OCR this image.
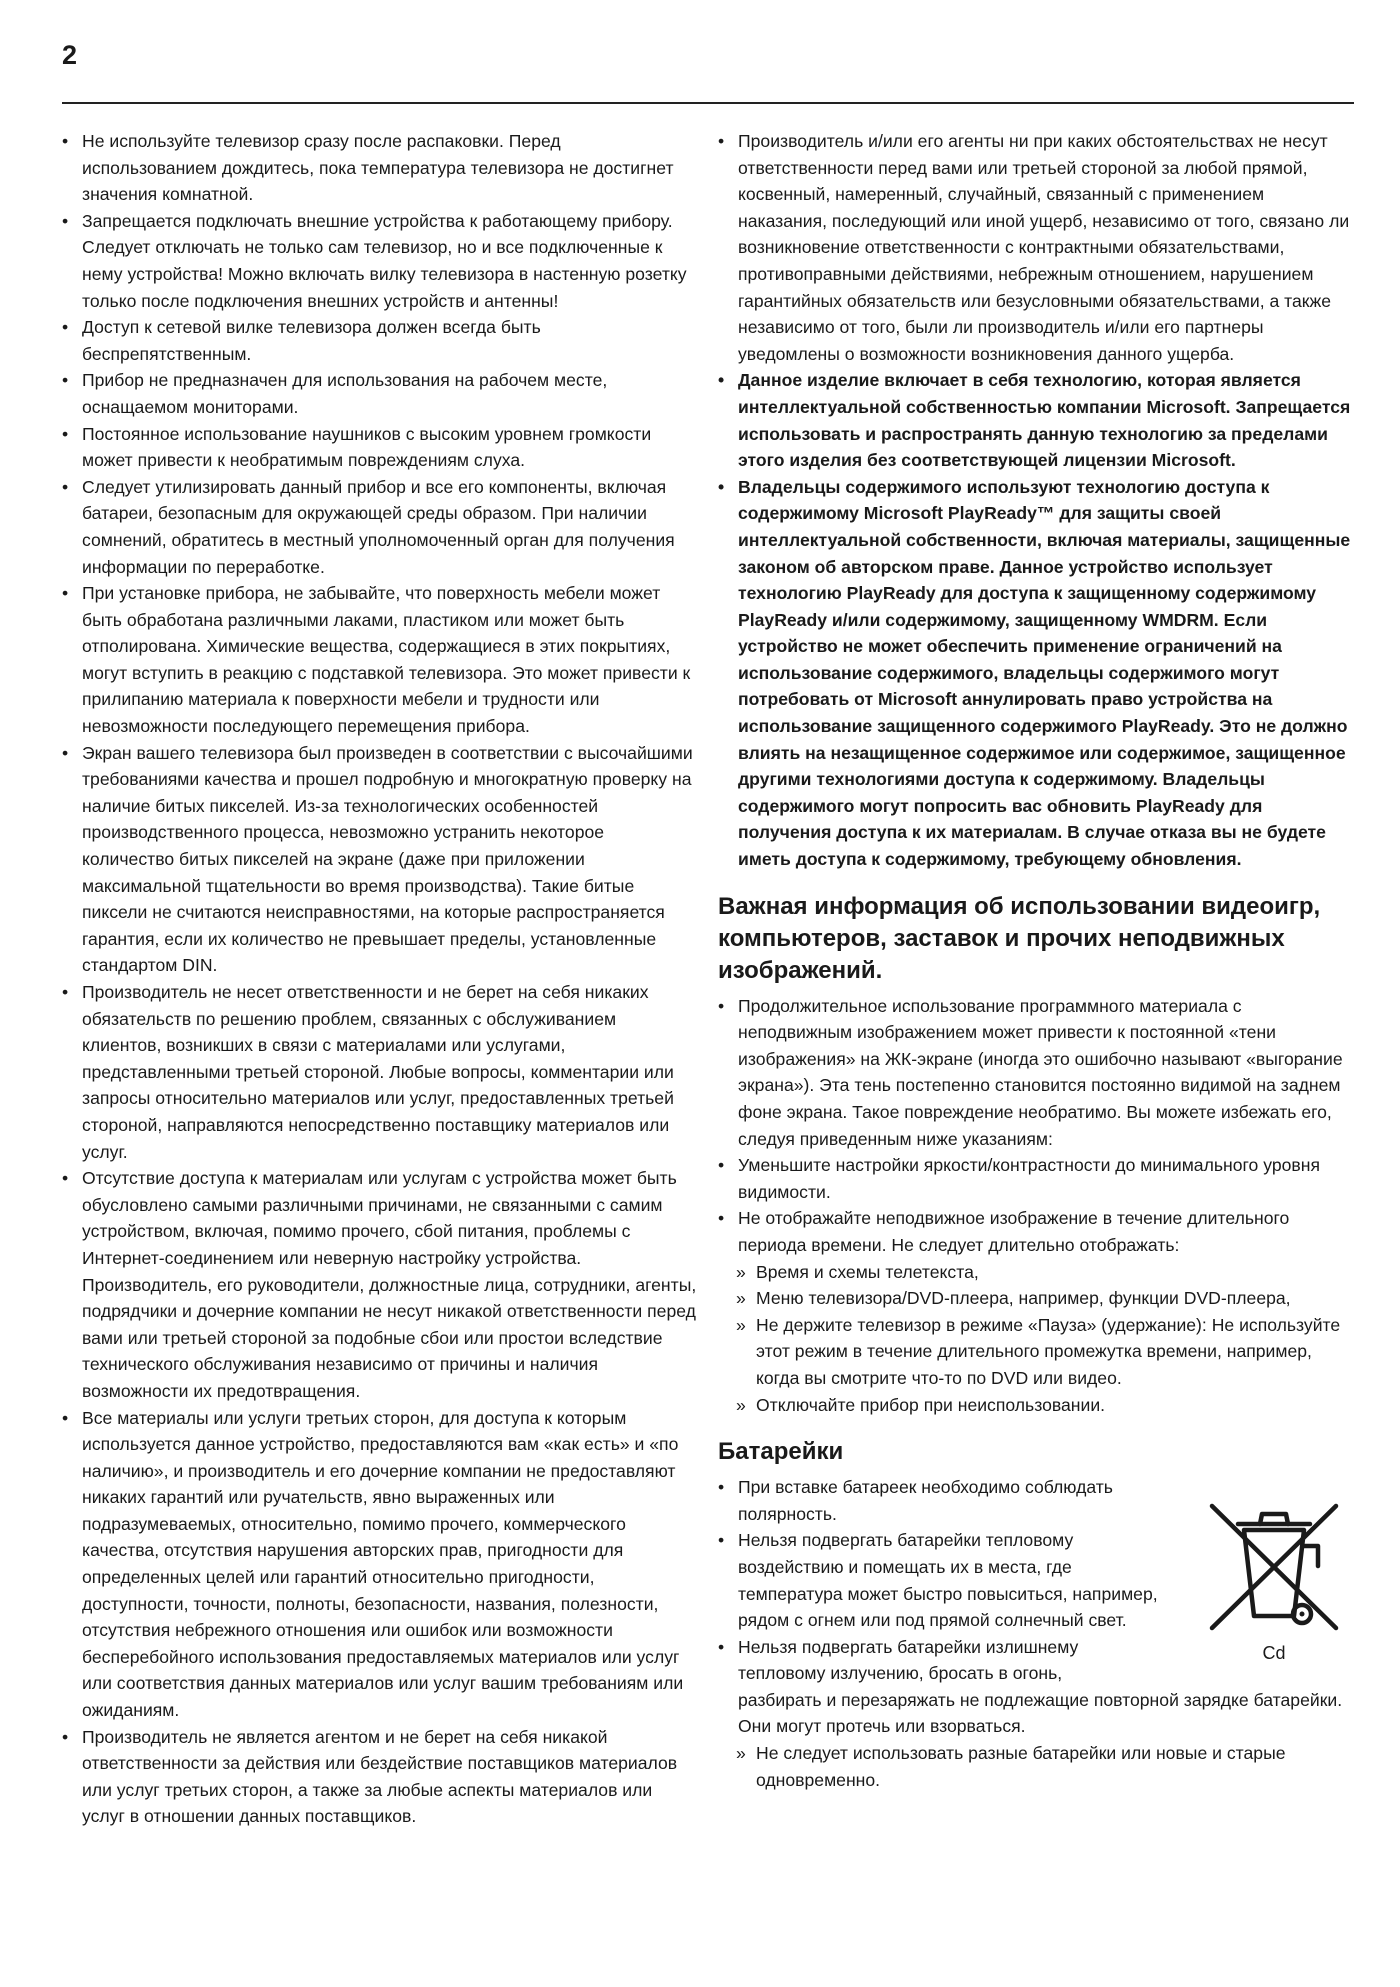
2
• Не используйте телевизор сразу после распаковки. Перед использованием дождитесь, пока температура телевизора не достигнет значения комнатной.
• Запрещается подключать внешние устройства к работающему прибору. Следует отключать не только сам телевизор, но и все подключенные к нему устройства! Можно включать вилку телевизора в настенную розетку только после подключения внешних устройств и антенны!
• Доступ к сетевой вилке телевизора должен всегда быть беспрепятственным.
• Прибор не предназначен для использования на рабочем месте, оснащаемом мониторами.
• Постоянное использование наушников с высоким уровнем громкости может привести к необратимым повреждениям слуха.
• Следует утилизировать данный прибор и все его компоненты, включая батареи, безопасным для окружающей среды образом. При наличии сомнений, обратитесь в местный уполномоченный орган для получения информации по переработке.
• При установке прибора, не забывайте, что поверхность мебели может быть обработана различными лаками, пластиком или может быть отполирована. Химические вещества, содержащиеся в этих покрытиях, могут вступить в реакцию с подставкой телевизора. Это может привести к прилипанию материала к поверхности мебели и трудности или невозможности последующего перемещения прибора.
• Экран вашего телевизора был произведен в соответствии с высочайшими требованиями качества и прошел подробную и многократную проверку на наличие битых пикселей. Из-за технологических особенностей производственного процесса, невозможно устранить некоторое количество битых пикселей на экране (даже при приложении максимальной тщательности во время производства). Такие битые пиксели не считаются неисправностями, на которые распространяется гарантия, если их количество не превышает пределы, установленные стандартом DIN.
• Производитель не несет ответственности и не берет на себя никаких обязательств по решению проблем, связанных с обслуживанием клиентов, возникших в связи с материалами или услугами, представленными третьей стороной. Любые вопросы, комментарии или запросы относительно материалов или услуг, предоставленных третьей стороной, направляются непосредственно поставщику материалов или услуг.
• Отсутствие доступа к материалам или услугам с устройства может быть обусловлено самыми различными причинами, не связанными с самим устройством, включая, помимо прочего, сбой питания, проблемы с Интернет-соединением или неверную настройку устройства. Производитель, его руководители, должностные лица, сотрудники, агенты, подрядчики и дочерние компании не несут никакой ответственности перед вами или третьей стороной за подобные сбои или простои вследствие технического обслуживания независимо от причины и наличия возможности их предотвращения.
• Все материалы или услуги третьих сторон, для доступа к которым используется данное устройство, предоставляются вам «как есть» и «по наличию», и производитель и его дочерние компании не предоставляют никаких гарантий или ручательств, явно выраженных или подразумеваемых, относительно, помимо прочего, коммерческого качества, отсутствия нарушения авторских прав, пригодности для определенных целей или гарантий относительно пригодности, доступности, точности, полноты, безопасности, названия, полезности, отсутствия небрежного отношения или ошибок или возможности бесперебойного использования предоставляемых материалов или услуг или соответствия данных материалов или услуг вашим требованиям или ожиданиям.
• Производитель не является агентом и не берет на себя никакой ответственности за действия или бездействие поставщиков материалов или услуг третьих сторон, а также за любые аспекты материалов или услуг в отношении данных поставщиков.
• Производитель и/или его агенты ни при каких обстоятельствах не несут ответственности перед вами или третьей стороной за любой прямой, косвенный, намеренный, случайный, связанный с применением наказания, последующий или иной ущерб, независимо от того, связано ли возникновение ответственности с контрактными обязательствами, противоправными действиями, небрежным отношением, нарушением гарантийных обязательств или безусловными обязательствами, а также независимо от того, были ли производитель и/или его партнеры уведомлены о возможности возникновения данного ущерба.
• Данное изделие включает в себя технологию, которая является интеллектуальной собственностью компании Microsoft. Запрещается использовать и распространять данную технологию за пределами этого изделия без соответствующей лицензии Microsoft.
• Владельцы содержимого используют технологию доступа к содержимому Microsoft PlayReady™ для защиты своей интеллектуальной собственности, включая материалы, защищенные законом об авторском праве. Данное устройство использует технологию PlayReady для доступа к защищенному содержимому PlayReady и/или содержимому, защищенному WMDRM. Если устройство не может обеспечить применение ограничений на использование содержимого, владельцы содержимого могут потребовать от Microsoft аннулировать право устройства на использование защищенного содержимого PlayReady. Это не должно влиять на незащищенное содержимое или содержимое, защищенное другими технологиями доступа к содержимому. Владельцы содержимого могут попросить вас обновить PlayReady для получения доступа к их материалам. В случае отказа вы не будете иметь доступа к содержимому, требующему обновления.
Важная информация об использовании видеоигр, компьютеров, заставок и прочих неподвижных изображений.
• Продолжительное использование программного материала с неподвижным изображением может привести к постоянной «тени изображения» на ЖК-экране (иногда это ошибочно называют «выгорание экрана»). Эта тень постепенно становится постоянно видимой на заднем фоне экрана. Такое повреждение необратимо. Вы можете избежать его, следуя приведенным ниже указаниям:
• Уменьшите настройки яркости/контрастности до минимального уровня видимости.
• Не отображайте неподвижное изображение в течение длительного периода времени. Не следует длительно отображать:
» Время и схемы телетекста,
» Меню телевизора/DVD-плеера, например, функции DVD-плеера,
» Не держите телевизор в режиме «Пауза» (удержание): Не используйте этот режим в течение длительного промежутка времени, например, когда вы смотрите что-то по DVD или видео.
» Отключайте прибор при неиспользовании.
Батарейки
• При вставке батареек необходимо соблюдать полярность.
• Нельзя подвергать батарейки тепловому воздействию и помещать их в места, где температура может быстро повыситься, например, рядом с огнем или под прямой солнечный свет.
• Нельзя подвергать батарейки излишнему тепловому излучению, бросать в огонь,
Cd

разбирать и перезаряжать не подлежащие повторной зарядке батарейки. Они могут протечь или взорваться.

» Не следует использовать разные батарейки или новые и старые одновременно.
